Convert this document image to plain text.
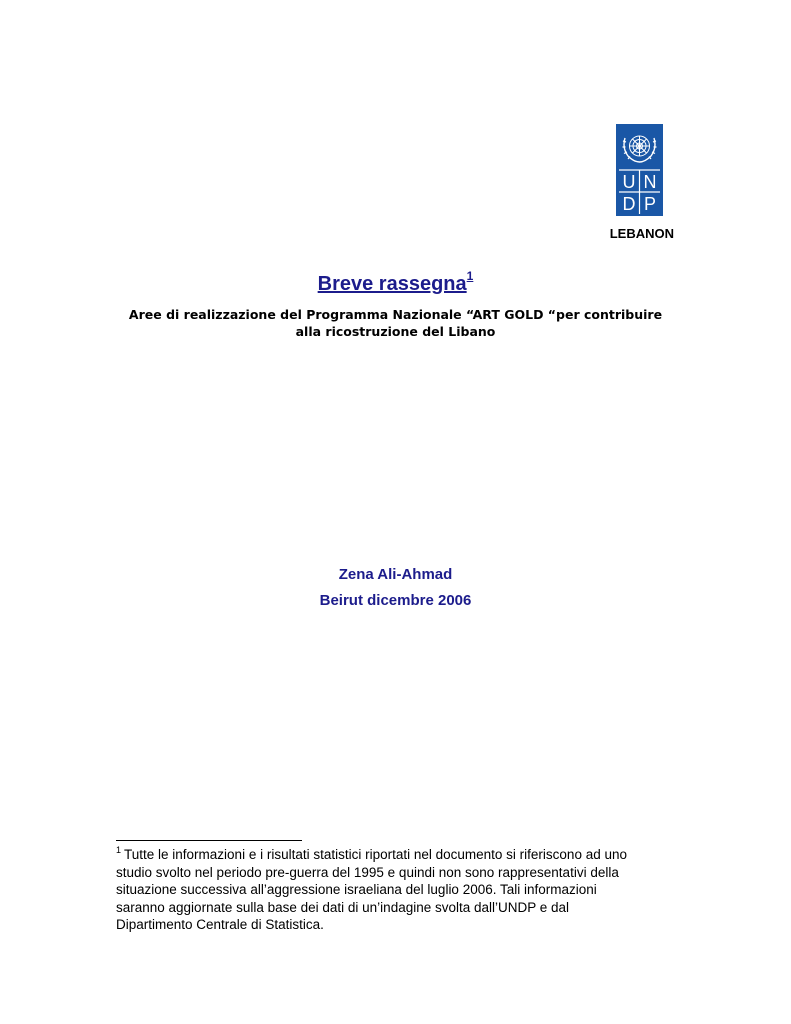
U N
D P
LEBANON
Breve rassegna$^1$
Aree di realizzazione del Programma Nazionale “ART GOLD “per contribuire
alla ricostruzione del Libano
Zena Ali-Ahmad
Beirut dicembre 2006
$^1$ Tutte le informazioni e i risultati statistici riportati nel documento si riferiscono ad uno
studio svolto nel periodo pre-guerra del 1995 e quindi non sono rappresentativi della
situazione successiva all’aggressione israeliana del luglio 2006. Tali informazioni
saranno aggiornate sulla base dei dati di un’indagine svolta dall’UNDP e dal
Dipartimento Centrale di Statistica.
